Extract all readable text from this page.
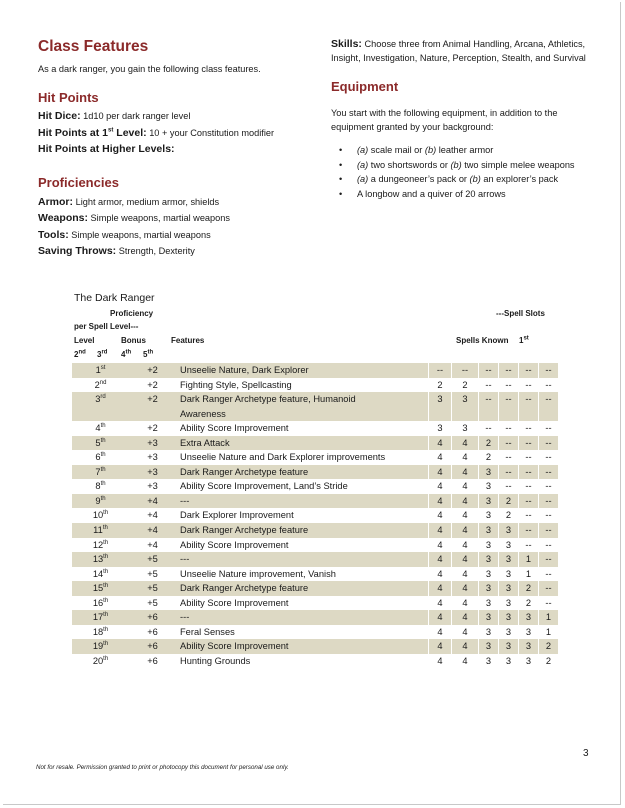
Class Features
As a dark ranger, you gain the following class features.
Hit Points
Hit Dice: 1d10 per dark ranger level
Hit Points at 1st Level: 10 + your Constitution modifier
Hit Points at Higher Levels:
Proficiencies
Armor: Light armor, medium armor, shields
Weapons: Simple weapons, martial weapons
Tools: Simple weapons, martial weapons
Saving Throws: Strength, Dexterity
Skills: Choose three from Animal Handling, Arcana, Athletics, Insight, Investigation, Nature, Perception, Stealth, and Survival
Equipment
You start with the following equipment, in addition to the equipment granted by your background:
• (a) scale mail or (b) leather armor
• (a) two shortswords or (b) two simple melee weapons
• (a) a dungeoneer’s pack or (b) an explorer’s pack
• A longbow and a quiver of 20 arrows
The Dark Ranger
Proficiency	---Spell Slots
per Spell Level---
Level	Bonus	Features	Spells Known 1st
2nd 3rd 4th 5th
1st	+2	Unseelie Nature, Dark Explorer	--	--	--	--	--	--
2nd	+2	Fighting Style, Spellcasting	2	2	--	--	--	--
3rd	+2	Dark Ranger Archetype feature, Humanoid	3	3	--	--	--	--
		Awareness						
4th	+2	Ability Score Improvement	3	3	--	--	--	--
5th	+3	Extra Attack	4	4	2	--	--	--
6th	+3	Unseelie Nature and Dark Explorer improvements	4	4	2	--	--	--
7th	+3	Dark Ranger Archetype feature	4	4	3	--	--	--
8th	+3	Ability Score Improvement, Land’s Stride	4	4	3	--	--	--
9th	+4	---	4	4	3	2	--	--
10th	+4	Dark Explorer Improvement	4	4	3	2	--	--
11th	+4	Dark Ranger Archetype feature	4	4	3	3	--	--
12th	+4	Ability Score Improvement	4	4	3	3	--	--
13th	+5	---	4	4	3	3	1	--
14th	+5	Unseelie Nature improvement, Vanish	4	4	3	3	1	--
15th	+5	Dark Ranger Archetype feature	4	4	3	3	2	--
16th	+5	Ability Score Improvement	4	4	3	3	2	--
17th	+6	---	4	4	3	3	3	1
18th	+6	Feral Senses	4	4	3	3	3	1
19th	+6	Ability Score Improvement	4	4	3	3	3	2
20th	+6	Hunting Grounds	4	4	3	3	3	2
Not for resale. Permission granted to print or photocopy this document for personal use only.
3
